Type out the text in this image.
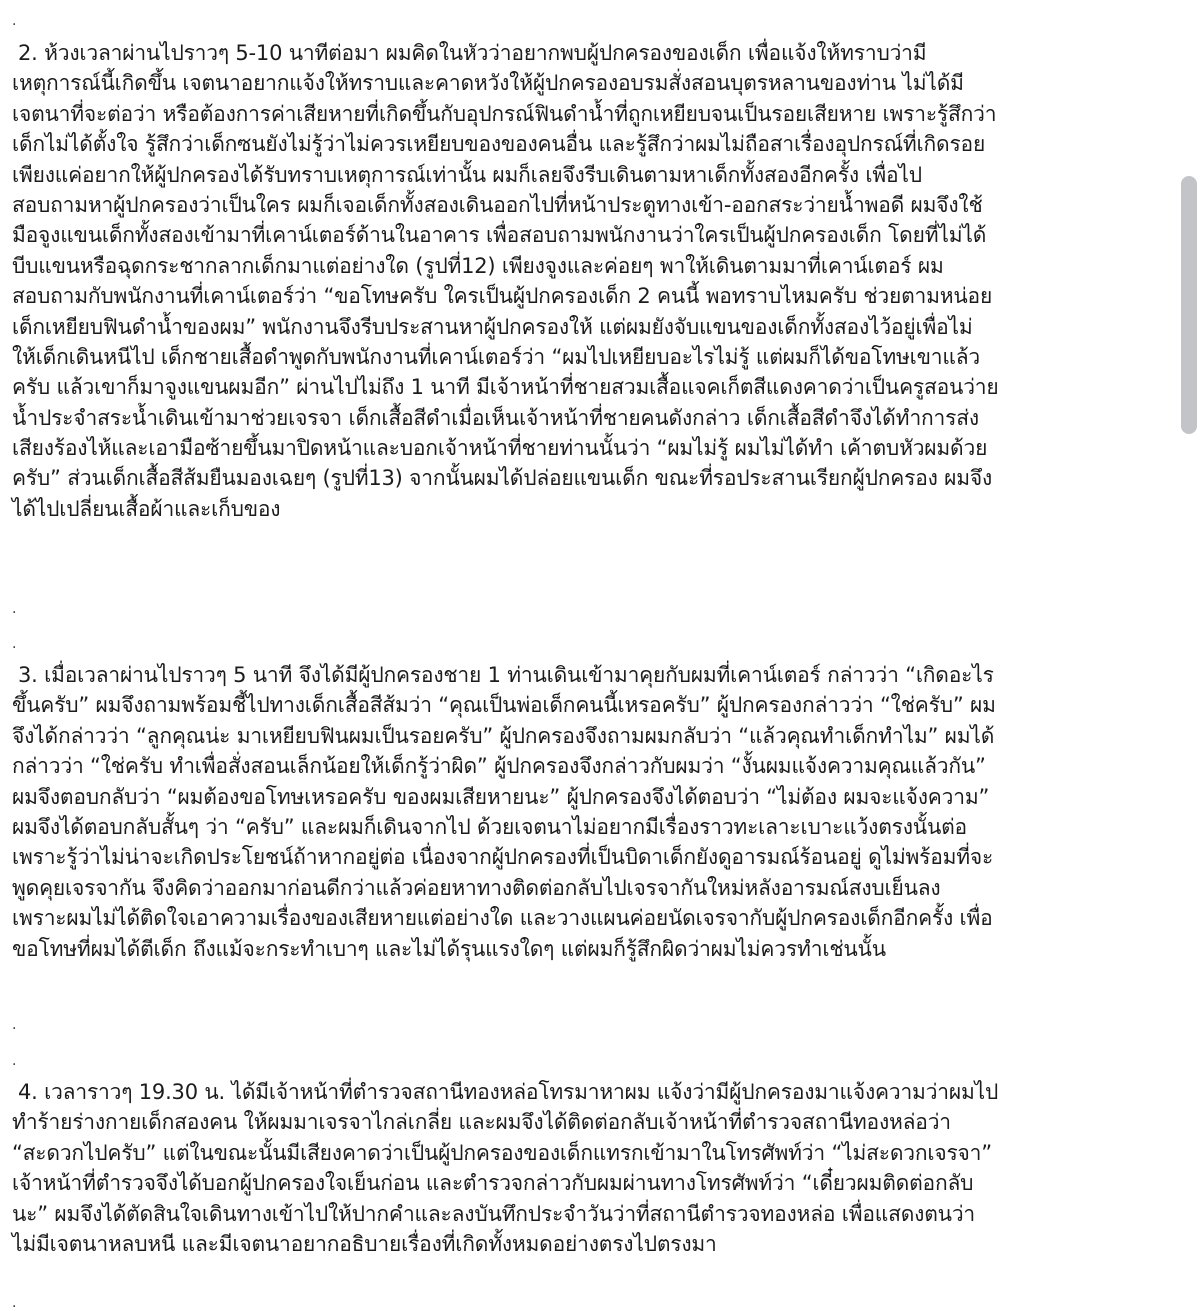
.
2. ห้วงเวลาผ่านไปราวๆ 5-10 นาทีต่อมา ผมคิดในหัวว่าอยากพบผู้ปกครองของเด็ก เพื่อแจ้งให้ทราบว่ามี
เหตุการณ์นี้เกิดขึ้น เจตนาอยากแจ้งให้ทราบและคาดหวังให้ผู้ปกครองอบรมสั่งสอนบุตรหลานของท่าน ไม่ได้มี
เจตนาที่จะต่อว่า หรือต้องการค่าเสียหายที่เกิดขึ้นกับอุปกรณ์ฟินดำน้ำที่ถูกเหยียบจนเป็นรอยเสียหาย เพราะรู้สึกว่า
เด็กไม่ได้ตั้งใจ รู้สึกว่าเด็กซนยังไม่รู้ว่าไม่ควรเหยียบของของคนอื่น และรู้สึกว่าผมไม่ถือสาเรื่องอุปกรณ์ที่เกิดรอย
เพียงแค่อยากให้ผู้ปกครองได้รับทราบเหตุการณ์เท่านั้น ผมก็เลยจึงรีบเดินตามหาเด็กทั้งสองอีกครั้ง เพื่อไป
สอบถามหาผู้ปกครองว่าเป็นใคร ผมก็เจอเด็กทั้งสองเดินออกไปที่หน้าประตูทางเข้า-ออกสระว่ายน้ำพอดี ผมจึงใช้
มือจูงแขนเด็กทั้งสองเข้ามาที่เคาน์เตอร์ด้านในอาคาร เพื่อสอบถามพนักงานว่าใครเป็นผู้ปกครองเด็ก โดยที่ไม่ได้
บีบแขนหรือฉุดกระชากลากเด็กมาแต่อย่างใด (รูปที่12) เพียงจูงและค่อยๆ พาให้เดินตามมาที่เคาน์เตอร์ ผม
สอบถามกับพนักงานที่เคาน์เตอร์ว่า “ขอโทษครับ ใครเป็นผู้ปกครองเด็ก 2 คนนี้ พอทราบไหมครับ ช่วยตามหน่อย
เด็กเหยียบฟินดำน้ำของผม” พนักงานจึงรีบประสานหาผู้ปกครองให้ แต่ผมยังจับแขนของเด็กทั้งสองไว้อยู่เพื่อไม่
ให้เด็กเดินหนีไป เด็กชายเสื้อดำพูดกับพนักงานที่เคาน์เตอร์ว่า “ผมไปเหยียบอะไรไม่รู้ แต่ผมก็ได้ขอโทษเขาแล้ว
ครับ แล้วเขาก็มาจูงแขนผมอีก” ผ่านไปไม่ถึง 1 นาที มีเจ้าหน้าที่ชายสวมเสื้อแจคเก็ตสีแดงคาดว่าเป็นครูสอนว่าย
น้ำประจำสระน้ำเดินเข้ามาช่วยเจรจา เด็กเสื้อสีดำเมื่อเห็นเจ้าหน้าที่ชายคนดังกล่าว เด็กเสื้อสีดำจึงได้ทำการส่ง
เสียงร้องไห้และเอามือซ้ายขึ้นมาปิดหน้าและบอกเจ้าหน้าที่ชายท่านนั้นว่า “ผมไม่รู้ ผมไม่ได้ทำ เค้าตบหัวผมด้วย
ครับ” ส่วนเด็กเสื้อสีส้มยืนมองเฉยๆ (รูปที่13) จากนั้นผมได้ปล่อยแขนเด็ก ขณะที่รอประสานเรียกผู้ปกครอง ผมจึง
ได้ไปเปลี่ยนเสื้อผ้าและเก็บของ
.
.
3. เมื่อเวลาผ่านไปราวๆ 5 นาที จึงได้มีผู้ปกครองชาย 1 ท่านเดินเข้ามาคุยกับผมที่เคาน์เตอร์ กล่าวว่า “เกิดอะไร
ขึ้นครับ” ผมจึงถามพร้อมชี้ไปทางเด็กเสื้อสีส้มว่า “คุณเป็นพ่อเด็กคนนี้เหรอครับ” ผู้ปกครองกล่าวว่า “ใช่ครับ” ผม
จึงได้กล่าวว่า “ลูกคุณน่ะ มาเหยียบฟินผมเป็นรอยครับ” ผู้ปกครองจึงถามผมกลับว่า “แล้วคุณทำเด็กทำไม” ผมได้
กล่าวว่า “ใช่ครับ ทำเพื่อสั่งสอนเล็กน้อยให้เด็กรู้ว่าผิด” ผู้ปกครองจึงกล่าวกับผมว่า “งั้นผมแจ้งความคุณแล้วกัน”
ผมจึงตอบกลับว่า “ผมต้องขอโทษเหรอครับ ของผมเสียหายนะ” ผู้ปกครองจึงได้ตอบว่า “ไม่ต้อง ผมจะแจ้งความ”
ผมจึงได้ตอบกลับสั้นๆ ว่า “ครับ” และผมก็เดินจากไป ด้วยเจตนาไม่อยากมีเรื่องราวทะเลาะเบาะแว้งตรงนั้นต่อ
เพราะรู้ว่าไม่น่าจะเกิดประโยชน์ถ้าหากอยู่ต่อ เนื่องจากผู้ปกครองที่เป็นบิดาเด็กยังดูอารมณ์ร้อนอยู่ ดูไม่พร้อมที่จะ
พูดคุยเจรจากัน จึงคิดว่าออกมาก่อนดีกว่าแล้วค่อยหาทางติดต่อกลับไปเจรจากันใหม่หลังอารมณ์สงบเย็นลง
เพราะผมไม่ได้ติดใจเอาความเรื่องของเสียหายแต่อย่างใด และวางแผนค่อยนัดเจรจากับผู้ปกครองเด็กอีกครั้ง เพื่อ
ขอโทษที่ผมได้ตีเด็ก ถึงแม้จะกระทำเบาๆ และไม่ได้รุนแรงใดๆ แต่ผมก็รู้สึกผิดว่าผมไม่ควรทำเช่นนั้น
.
.
4. เวลาราวๆ 19.30 น. ได้มีเจ้าหน้าที่ตำรวจสถานีทองหล่อโทรมาหาผม แจ้งว่ามีผู้ปกครองมาแจ้งความว่าผมไป
ทำร้ายร่างกายเด็กสองคน ให้ผมมาเจรจาไกล่เกลี่ย และผมจึงได้ติดต่อกลับเจ้าหน้าที่ตำรวจสถานีทองหล่อว่า
“สะดวกไปครับ” แต่ในขณะนั้นมีเสียงคาดว่าเป็นผู้ปกครองของเด็กแทรกเข้ามาในโทรศัพท์ว่า “ไม่สะดวกเจรจา”
เจ้าหน้าที่ตำรวจจึงได้บอกผู้ปกครองใจเย็นก่อน และตำรวจกล่าวกับผมผ่านทางโทรศัพท์ว่า “เดี๋ยวผมติดต่อกลับ
นะ” ผมจึงได้ตัดสินใจเดินทางเข้าไปให้ปากคำและลงบันทึกประจำวันว่าที่สถานีตำรวจทองหล่อ เพื่อแสดงตนว่า
ไม่มีเจตนาหลบหนี และมีเจตนาอยากอธิบายเรื่องที่เกิดทั้งหมดอย่างตรงไปตรงมา
.
